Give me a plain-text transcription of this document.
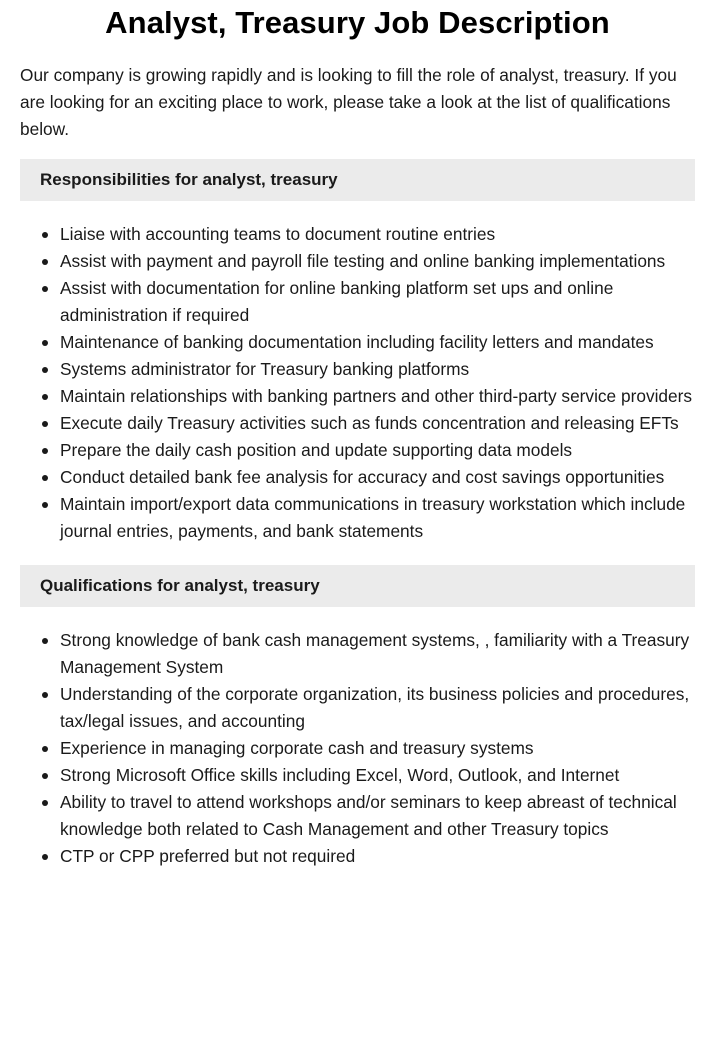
Analyst, Treasury Job Description

Our company is growing rapidly and is looking to fill the role of analyst, treasury. If you are looking for an exciting place to work, please take a look at the list of qualifications below.

Responsibilities for analyst, treasury
Liaise with accounting teams to document routine entries
Assist with payment and payroll file testing and online banking implementations
Assist with documentation for online banking platform set ups and online administration if required
Maintenance of banking documentation including facility letters and mandates
Systems administrator for Treasury banking platforms
Maintain relationships with banking partners and other third-party service providers
Execute daily Treasury activities such as funds concentration and releasing EFTs
Prepare the daily cash position and update supporting data models
Conduct detailed bank fee analysis for accuracy and cost savings opportunities
Maintain import/export data communications in treasury workstation which include journal entries, payments, and bank statements
Qualifications for analyst, treasury
Strong knowledge of bank cash management systems, , familiarity with a Treasury Management System
Understanding of the corporate organization, its business policies and procedures, tax/legal issues, and accounting
Experience in managing corporate cash and treasury systems
Strong Microsoft Office skills including Excel, Word, Outlook, and Internet
Ability to travel to attend workshops and/or seminars to keep abreast of technical knowledge both related to Cash Management and other Treasury topics
CTP or CPP preferred but not required
